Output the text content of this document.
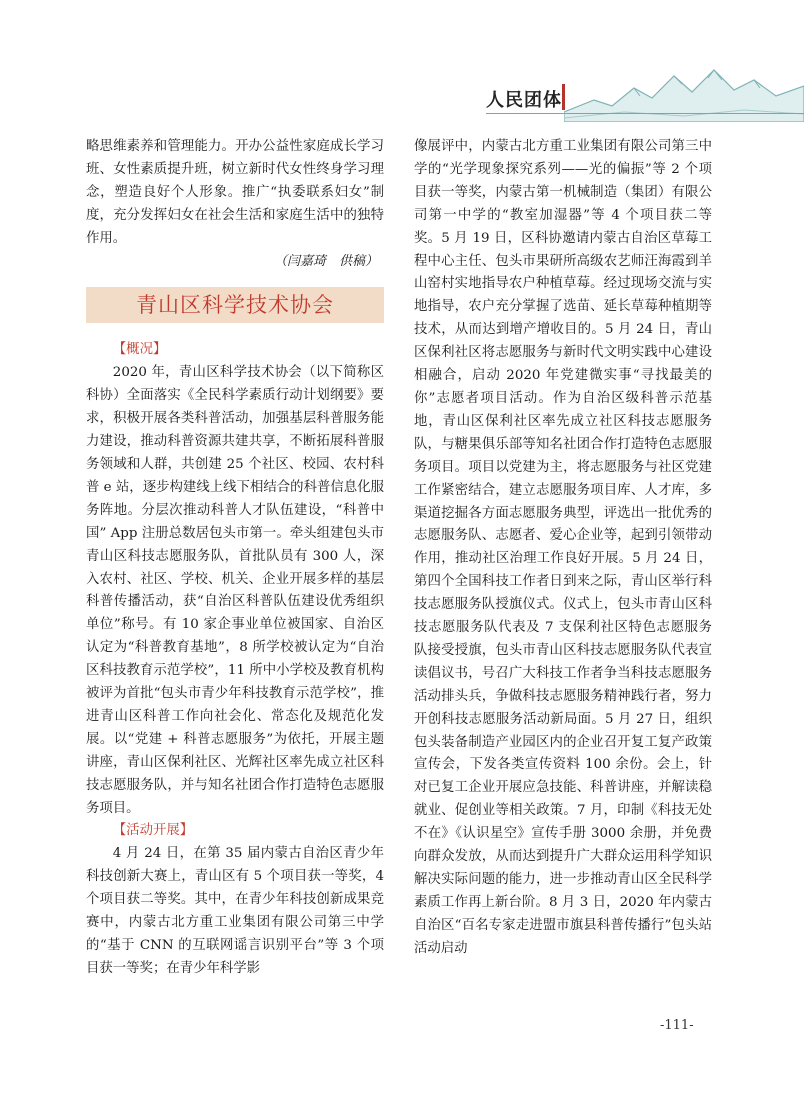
人民团体

略思维素养和管理能力。开办公益性家庭成长学习班、女性素质提升班，树立新时代女性终身学习理念，塑造良好个人形象。推广“执委联系妇女”制度，充分发挥妇女在社会生活和家庭生活中的独特作用。

（闫嘉琦　供稿）

青山区科学技术协会

【概况】

2020 年，青山区科学技术协会（以下简称区科协）全面落实《全民科学素质行动计划纲要》要求，积极开展各类科普活动，加强基层科普服务能力建设，推动科普资源共建共享，不断拓展科普服务领域和人群，共创建 25 个社区、校园、农村科普 e 站，逐步构建线上线下相结合的科普信息化服务阵地。分层次推动科普人才队伍建设，“科普中国” App 注册总数居包头市第一。牵头组建包头市青山区科技志愿服务队，首批队员有 300 人，深入农村、社区、学校、机关、企业开展多样的基层科普传播活动，获“自治区科普队伍建设优秀组织单位”称号。有 10 家企事业单位被国家、自治区认定为“科普教育基地”，8 所学校被认定为“自治区科技教育示范学校”，11 所中小学校及教育机构被评为首批“包头市青少年科技教育示范学校”，推进青山区科普工作向社会化、常态化及规范化发展。以“党建 + 科普志愿服务”为依托，开展主题讲座，青山区保利社区、光辉社区率先成立社区科技志愿服务队，并与知名社团合作打造特色志愿服务项目。

【活动开展】

4 月 24 日，在第 35 届内蒙古自治区青少年科技创新大赛上，青山区有 5 个项目获一等奖，4 个项目获二等奖。其中，在青少年科技创新成果竞赛中，内蒙古北方重工业集团有限公司第三中学的“基于 CNN 的互联网谣言识别平台”等 3 个项目获一等奖；在青少年科学影

像展评中，内蒙古北方重工业集团有限公司第三中学的“光学现象探究系列——光的偏振”等 2 个项目获一等奖，内蒙古第一机械制造（集团）有限公司第一中学的“教室加湿器”等 4 个项目获二等奖。5 月 19 日，区科协邀请内蒙古自治区草莓工程中心主任、包头市果研所高级农艺师汪海霞到羊山窑村实地指导农户种植草莓。经过现场交流与实地指导，农户充分掌握了选苗、延长草莓种植期等技术，从而达到增产增收目的。5 月 24 日，青山区保利社区将志愿服务与新时代文明实践中心建设相融合，启动 2020 年党建微实事“寻找最美的你”志愿者项目活动。作为自治区级科普示范基地，青山区保利社区率先成立社区科技志愿服务队，与糖果俱乐部等知名社团合作打造特色志愿服务项目。项目以党建为主，将志愿服务与社区党建工作紧密结合，建立志愿服务项目库、人才库，多渠道挖掘各方面志愿服务典型，评选出一批优秀的志愿服务队、志愿者、爱心企业等，起到引领带动作用，推动社区治理工作良好开展。5 月 24 日，第四个全国科技工作者日到来之际，青山区举行科技志愿服务队授旗仪式。仪式上，包头市青山区科技志愿服务队代表及 7 支保利社区特色志愿服务队接受授旗，包头市青山区科技志愿服务队代表宣读倡议书，号召广大科技工作者争当科技志愿服务活动排头兵，争做科技志愿服务精神践行者，努力开创科技志愿服务活动新局面。5 月 27 日，组织包头装备制造产业园区内的企业召开复工复产政策宣传会，下发各类宣传资料 100 余份。会上，针对已复工企业开展应急技能、科普讲座，并解读稳就业、促创业等相关政策。7 月，印制《科技无处不在》《认识星空》宣传手册 3000 余册，并免费向群众发放，从而达到提升广大群众运用科学知识解决实际问题的能力，进一步推动青山区全民科学素质工作再上新台阶。8 月 3 日，2020 年内蒙古自治区“百名专家走进盟市旗县科普传播行”包头站活动启动

-111-
